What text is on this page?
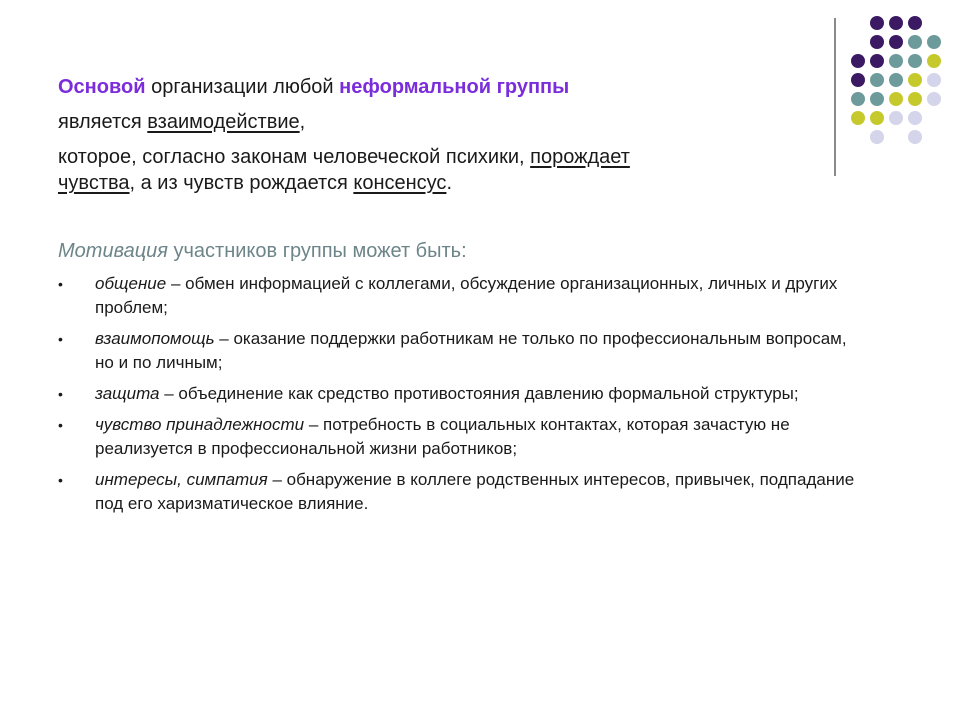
Основой организации любой неформальной группы

является взаимодействие,

которое, согласно законам человеческой психики, порождает
чувства, а из чувств рождается консенсус.

Мотивация участников группы может быть:
• общение – обмен информацией с коллегами, обсуждение организационных, личных и других проблем;
• взаимопомощь – оказание поддержки работникам не только по профессиональным вопросам, но и по личным;
• защита – объединение как средство противостояния давлению формальной структуры;
• чувство принадлежности – потребность в социальных контактах, которая зачастую не реализуется в профессиональной жизни работников;
• интересы, симпатия – обнаружение в коллеге родственных интересов, привычек, подпадание под его харизматическое влияние.
